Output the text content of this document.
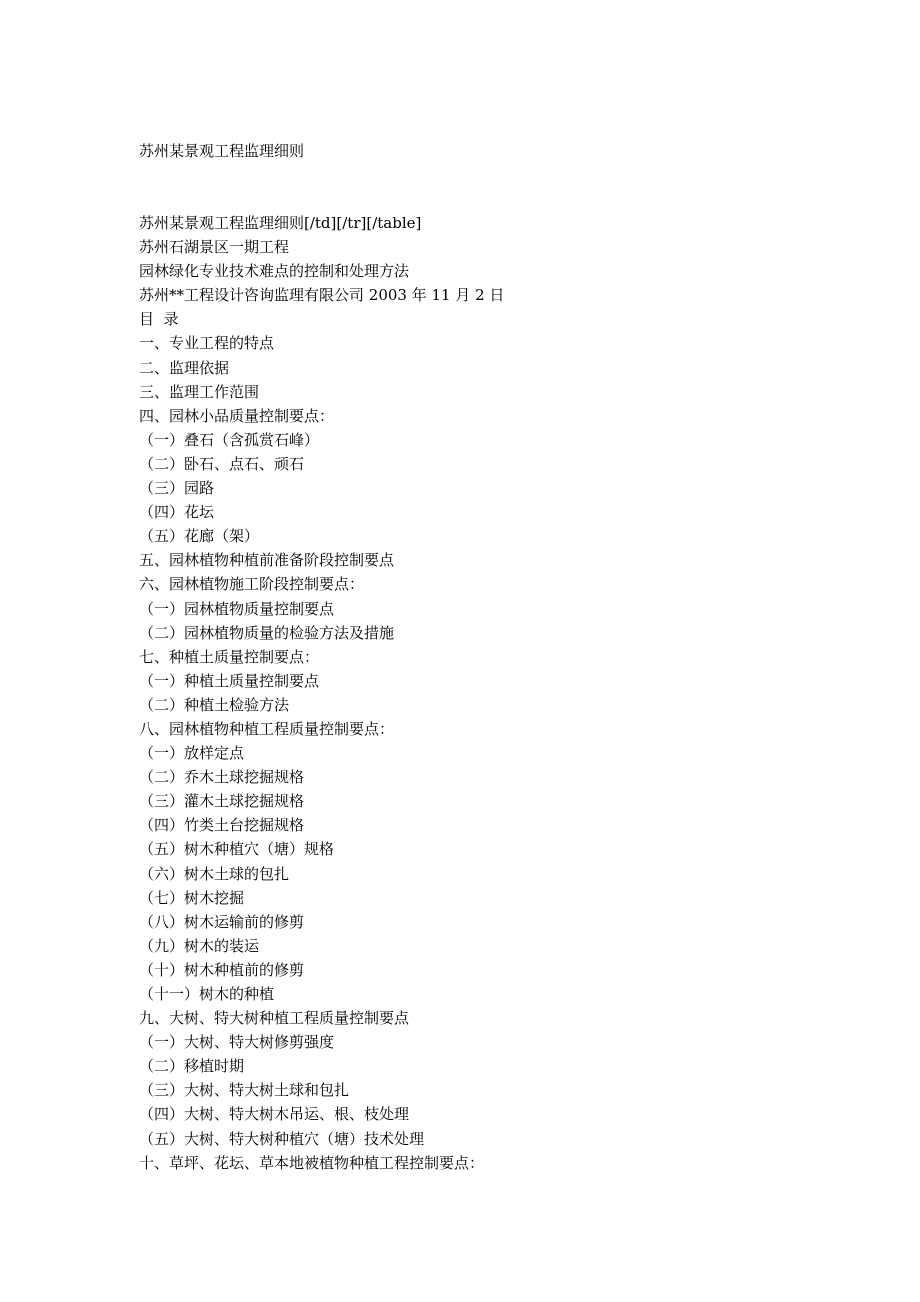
苏州某景观工程监理细则
苏州某景观工程监理细则[/td][/tr][/table]
苏州石湖景区一期工程
园林绿化专业技术难点的控制和处理方法
苏州**工程设计咨询监理有限公司 2003 年 11 月 2 日
目  录
一、专业工程的特点
二、监理依据
三、监理工作范围
四、园林小品质量控制要点：
（一）叠石（含孤赏石峰）
（二）卧石、点石、顽石
（三）园路
（四）花坛
（五）花廊（架）
五、园林植物种植前准备阶段控制要点
六、园林植物施工阶段控制要点：
（一）园林植物质量控制要点
（二）园林植物质量的检验方法及措施
七、种植土质量控制要点：
（一）种植土质量控制要点
（二）种植土检验方法
八、园林植物种植工程质量控制要点：
（一）放样定点
（二）乔木土球挖掘规格
（三）灌木土球挖掘规格
（四）竹类土台挖掘规格
（五）树木种植穴（塘）规格
（六）树木土球的包扎
（七）树木挖掘
（八）树木运输前的修剪
（九）树木的装运
（十）树木种植前的修剪
（十一）树木的种植
九、大树、特大树种植工程质量控制要点
（一）大树、特大树修剪强度
（二）移植时期
（三）大树、特大树土球和包扎
（四）大树、特大树木吊运、根、枝处理
（五）大树、特大树种植穴（塘）技术处理
十、草坪、花坛、草本地被植物种植工程控制要点：
